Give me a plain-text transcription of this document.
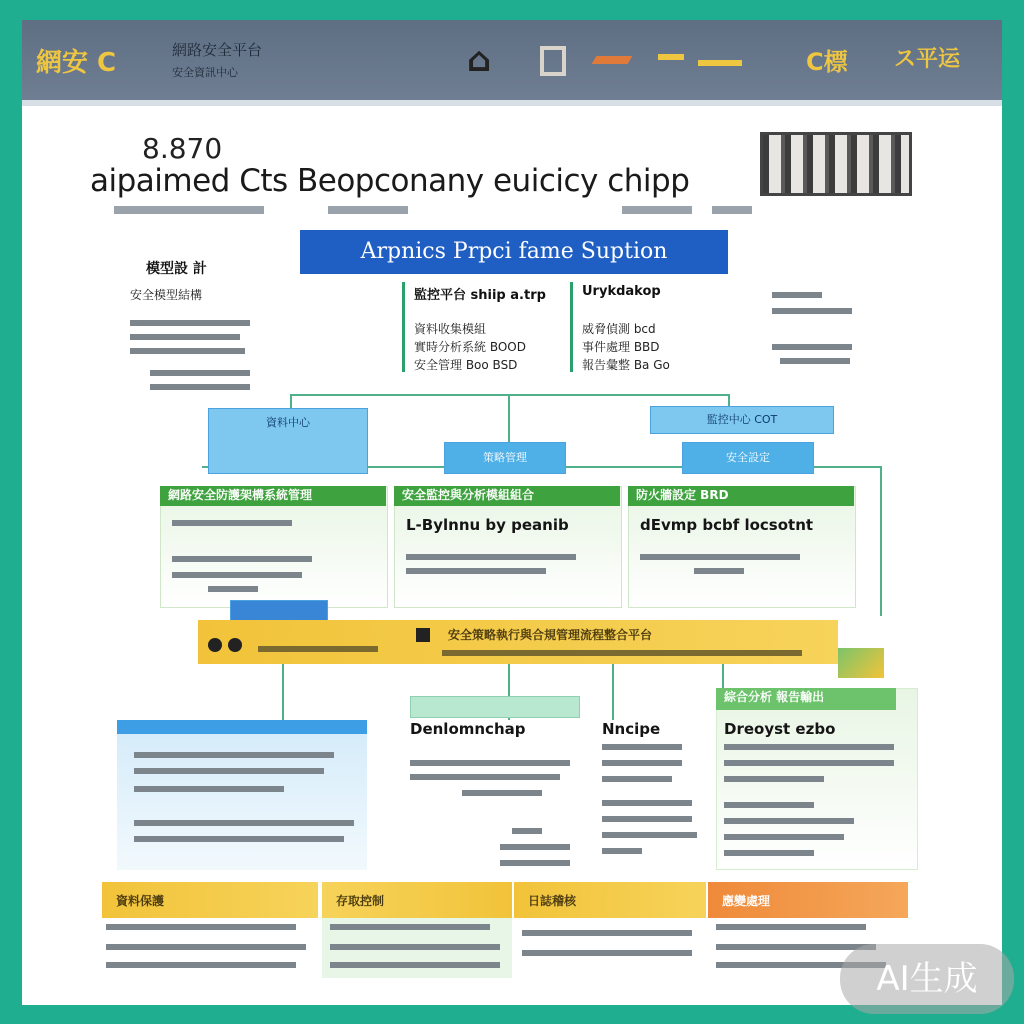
網安 C	網路安全平台
安全資訊中心	⌂	C標 ス平运
8.870
aipaimed Cts Beopconany euicicy chipp
Arpnics Prpci fame Suption
模型設 計
安全模型結構	監控平台 shiip a.trp
資料收集模組
實時分析系統 BOOD
安全管理 Boo BSD
Urykdakop
威脅偵測 bcd
事件處理 BBD
報告彙整 Ba Go
資料中心
策略管理
監控中心 COT
安全設定
網路安全防護架構系統管理	安全監控與分析模組組合
L-Bylnnu by peanib
防火牆設定 BRD
dEvmp bcbf locsotnt
安全策略執行與合規管理流程整合平台
Denlomnchap	Nncipe
綜合分析 報告輸出
Dreoyst ezbo
資料保護	存取控制	日誌稽核	應變處理
AI生成
